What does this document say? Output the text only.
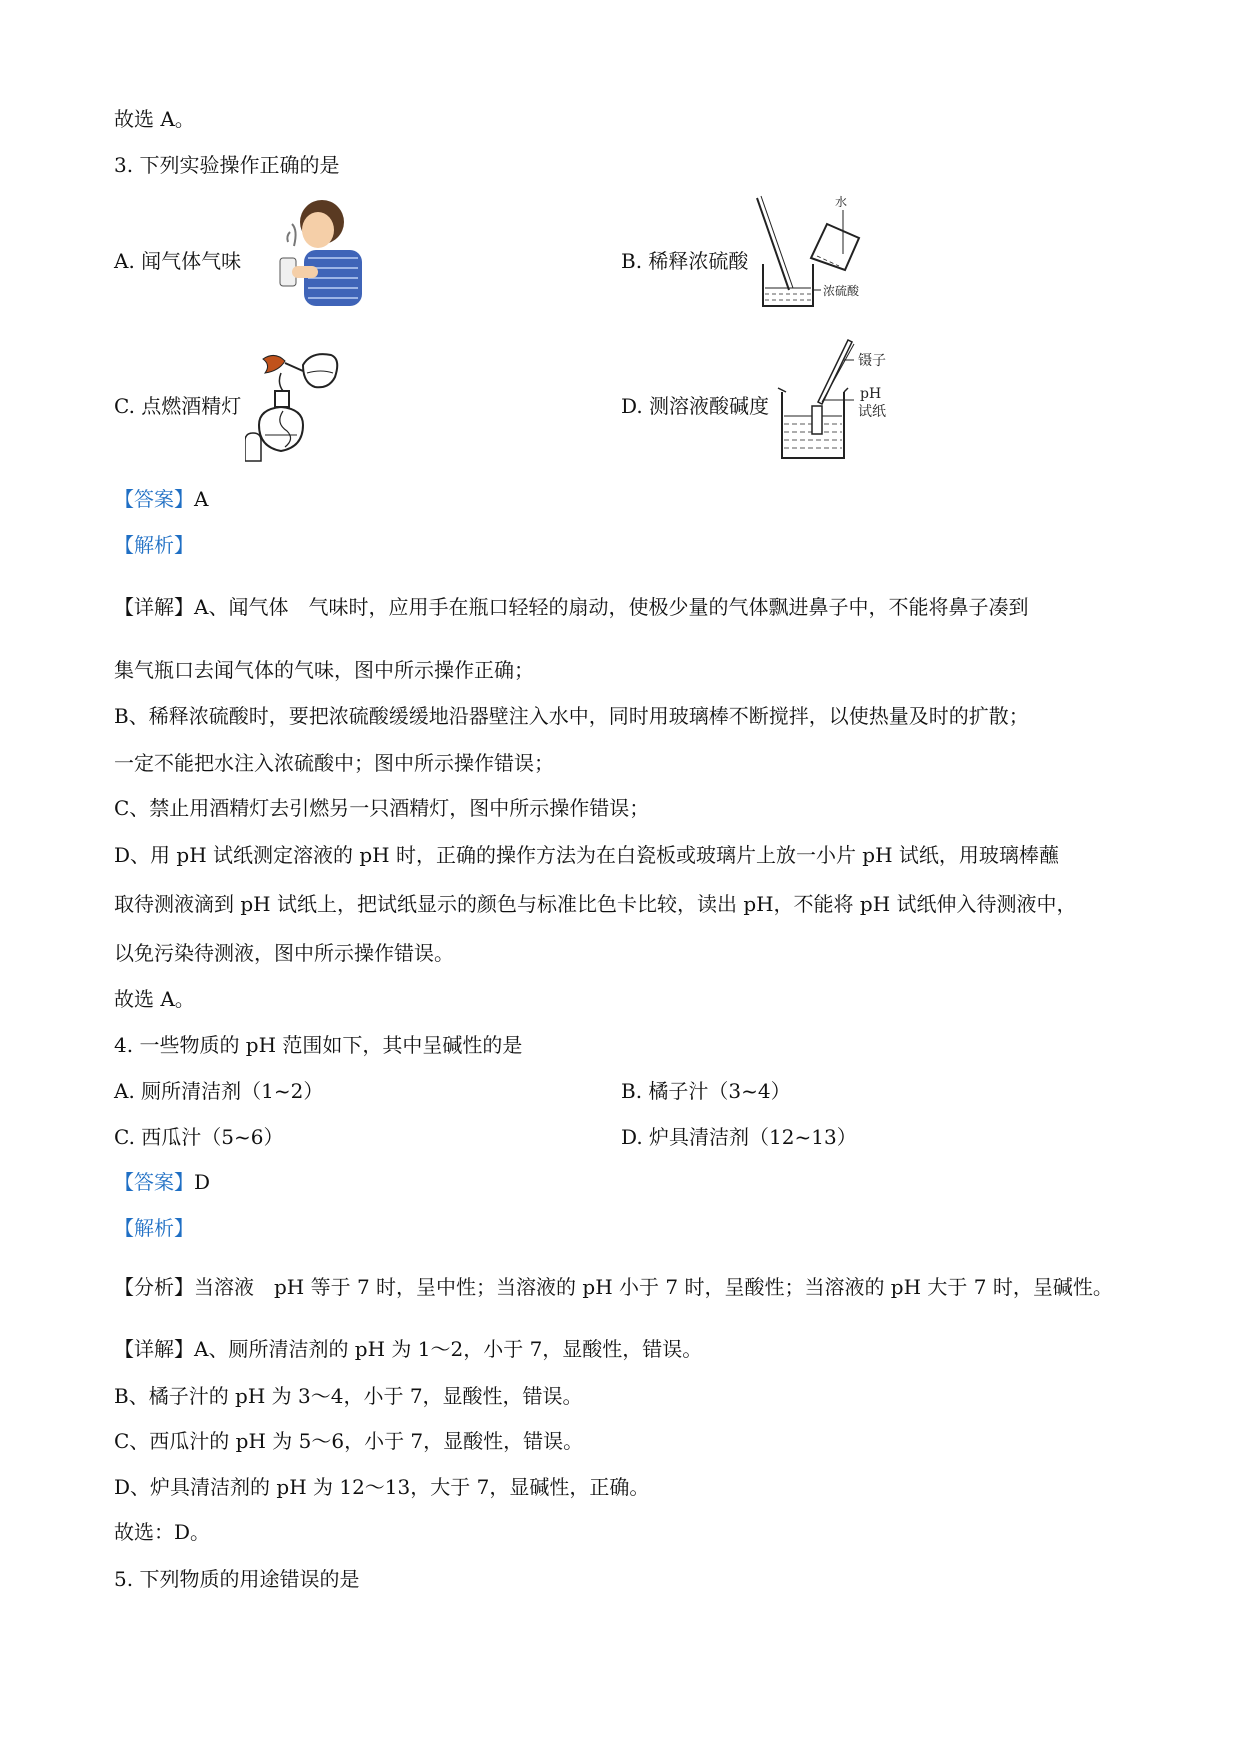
故选 A。
3. 下列实验操作正确的是
A. 闻气体气味	B. 稀释浓硫酸
C. 点燃酒精灯	D. 测溶液酸碱度
水
浓硫酸
镊子
pH
试纸
【答案】A
【解析】
【详解】A、闻气体　气味时，应用手在瓶口轻轻的扇动，使极少量的气体飘进鼻子中，不能将鼻子凑到
集气瓶口去闻气体的气味，图中所示操作正确；
B、稀释浓硫酸时，要把浓硫酸缓缓地沿器壁注入水中，同时用玻璃棒不断搅拌，以使热量及时的扩散；
一定不能把水注入浓硫酸中；图中所示操作错误；
C、禁止用酒精灯去引燃另一只酒精灯，图中所示操作错误；
D、用 pH 试纸测定溶液的 pH 时，正确的操作方法为在白瓷板或玻璃片上放一小片 pH 试纸，用玻璃棒蘸
取待测液滴到 pH 试纸上，把试纸显示的颜色与标准比色卡比较，读出 pH，不能将 pH 试纸伸入待测液中，
以免污染待测液，图中所示操作错误。
故选 A。
4. 一些物质的 pH 范围如下，其中呈碱性的是
A. 厕所清洁剂（1~2）	B. 橘子汁（3~4）
C. 西瓜汁（5~6）	D. 炉具清洁剂（12~13）
【答案】D
【解析】
【分析】当溶液　pH 等于 7 时，呈中性；当溶液的 pH 小于 7 时，呈酸性；当溶液的 pH 大于 7 时，呈碱性。
【详解】A、厕所清洁剂的 pH 为 1～2，小于 7，显酸性，错误。
B、橘子汁的 pH 为 3～4，小于 7，显酸性，错误。
C、西瓜汁的 pH 为 5～6，小于 7，显酸性，错误。
D、炉具清洁剂的 pH 为 12～13，大于 7，显碱性，正确。
故选：D。
5. 下列物质的用途错误的是
